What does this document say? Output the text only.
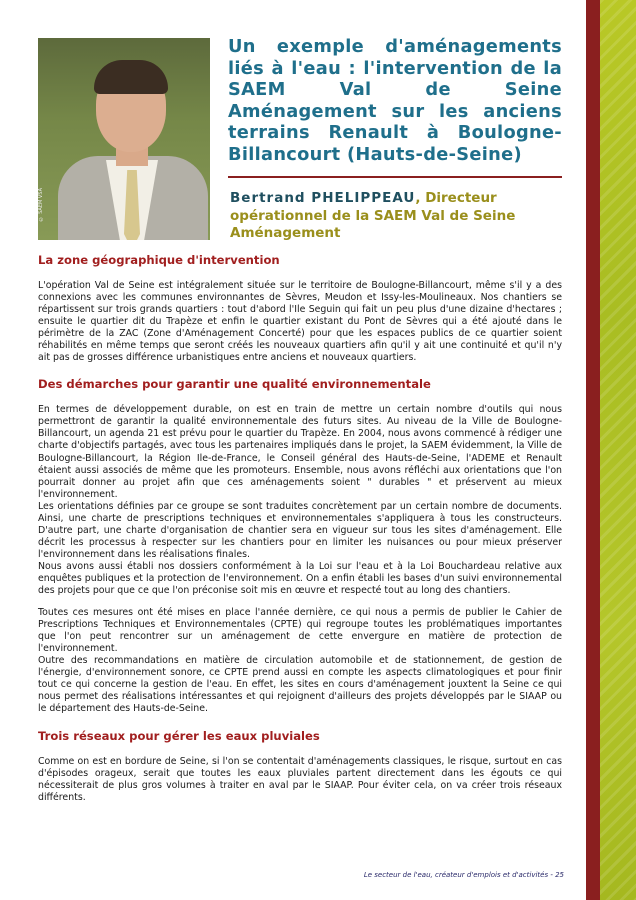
© SAEM VSA
Un exemple d'aménagements liés à l'eau : l'intervention de la SAEM Val de Seine Aménagement sur les anciens terrains Renault à Boulogne-Billancourt (Hauts-de-Seine)
Bertrand PHELIPPEAU, Directeur opérationnel de la SAEM Val de Seine Aménagement
La zone géographique d'intervention

L'opération Val de Seine est intégralement située sur le territoire de Boulogne-Billancourt, même s'il y a des connexions avec les communes environnantes de Sèvres, Meudon et Issy-les-Moulineaux. Nos chantiers se répartissent sur trois grands quartiers : tout d'abord l'Ile Seguin qui fait un peu plus d'une dizaine d'hectares ; ensuite le quartier dit du Trapèze et enfin le quartier existant du Pont de Sèvres qui a été ajouté dans le périmètre de la ZAC (Zone d'Aménagement Concerté) pour que les espaces publics de ce quartier soient réhabilités en même temps que seront créés les nouveaux quartiers afin qu'il y ait une continuité et qu'il n'y ait pas de grosses différence urbanistiques entre anciens et nouveaux quartiers.

Des démarches pour garantir une qualité environnementale

En termes de développement durable, on est en train de mettre un certain nombre d'outils qui nous permettront de garantir la qualité environnementale des futurs sites. Au niveau de la Ville de Boulogne-Billancourt, un agenda 21 est prévu pour le quartier du Trapèze. En 2004, nous avons commencé à rédiger une charte d'objectifs partagés, avec tous les partenaires impliqués dans le projet, la SAEM évidemment, la Ville de Boulogne-Billancourt, la Région Ile-de-France, le Conseil général des Hauts-de-Seine, l'ADEME et Renault étaient aussi associés de même que les promoteurs. Ensemble, nous avons réfléchi aux orientations que l'on pourrait donner au projet afin que ces aménagements soient " durables " et préservent au mieux l'environnement.

Les orientations définies par ce groupe se sont traduites concrètement par un certain nombre de documents. Ainsi, une charte de prescriptions techniques et environnementales s'appliquera à tous les constructeurs. D'autre part, une charte d'organisation de chantier sera en vigueur sur tous les sites d'aménagement. Elle décrit les processus à respecter sur les chantiers pour en limiter les nuisances ou pour mieux préserver l'environnement dans les réalisations finales.

Nous avons aussi établi nos dossiers conformément à la Loi sur l'eau et à la Loi Bouchardeau relative aux enquêtes publiques et la protection de l'environnement. On a enfin établi les bases d'un suivi environnemental des projets pour que ce que l'on préconise soit mis en œuvre et respecté tout au long des chantiers.

Toutes ces mesures ont été mises en place l'année dernière, ce qui nous a permis de publier le Cahier de Prescriptions Techniques et Environnementales (CPTE) qui regroupe toutes les problématiques importantes que l'on peut rencontrer sur un aménagement de cette envergure en matière de protection de l'environnement.

Outre des recommandations en matière de circulation automobile et de stationnement, de gestion de l'énergie, d'environnement sonore, ce CPTE prend aussi en compte les aspects climatologiques et pour finir tout ce qui concerne la gestion de l'eau. En effet, les sites en cours d'aménagement jouxtent la Seine ce qui nous permet des réalisations intéressantes et qui rejoignent d'ailleurs des projets développés par le SIAAP ou le département des Hauts-de-Seine.

Trois réseaux pour gérer les eaux pluviales

Comme on est en bordure de Seine, si l'on se contentait d'aménagements classiques, le risque, surtout en cas d'épisodes orageux, serait que toutes les eaux pluviales partent directement dans les égouts ce qui nécessiterait de plus gros volumes à traiter en aval par le SIAAP. Pour éviter cela, on va créer trois réseaux différents.

Le secteur de l'eau, créateur d'emplois et d'activités - 25
